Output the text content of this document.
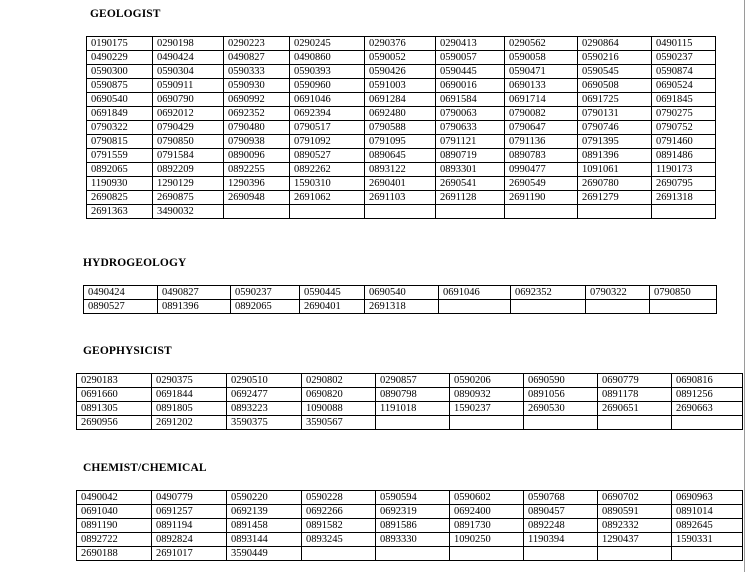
GEOLOGIST
0190175	0290198	0290223	0290245	0290376	0290413	0290562	0290864	0490115
0490229	0490424	0490827	0490860	0590052	0590057	0590058	0590216	0590237
0590300	0590304	0590333	0590393	0590426	0590445	0590471	0590545	0590874
0590875	0590911	0590930	0590960	0591003	0690016	0690133	0690508	0690524
0690540	0690790	0690992	0691046	0691284	0691584	0691714	0691725	0691845
0691849	0692012	0692352	0692394	0692480	0790063	0790082	0790131	0790275
0790322	0790429	0790480	0790517	0790588	0790633	0790647	0790746	0790752
0790815	0790850	0790938	0791092	0791095	0791121	0791136	0791395	0791460
0791559	0791584	0890096	0890527	0890645	0890719	0890783	0891396	0891486
0892065	0892209	0892255	0892262	0893122	0893301	0990477	1091061	1190173
1190930	1290129	1290396	1590310	2690401	2690541	2690549	2690780	2690795
2690825	2690875	2690948	2691062	2691103	2691128	2691190	2691279	2691318
2691363	3490032							
HYDROGEOLOGY
0490424	0490827	0590237	0590445	0690540	0691046	0692352	0790322	0790850
0890527	0891396	0892065	2690401	2691318				
GEOPHYSICIST
0290183	0290375	0290510	0290802	0290857	0590206	0690590	0690779	0690816
0691660	0691844	0692477	0690820	0890798	0890932	0891056	0891178	0891256
0891305	0891805	0893223	1090088	1191018	1590237	2690530	2690651	2690663
2690956	2691202	3590375	3590567					
CHEMIST/CHEMICAL
0490042	0490779	0590220	0590228	0590594	0590602	0590768	0690702	0690963
0691040	0691257	0692139	0692266	0692319	0692400	0890457	0890591	0891014
0891190	0891194	0891458	0891582	0891586	0891730	0892248	0892332	0892645
0892722	0892824	0893144	0893245	0893330	1090250	1190394	1290437	1590331
2690188	2691017	3590449						
